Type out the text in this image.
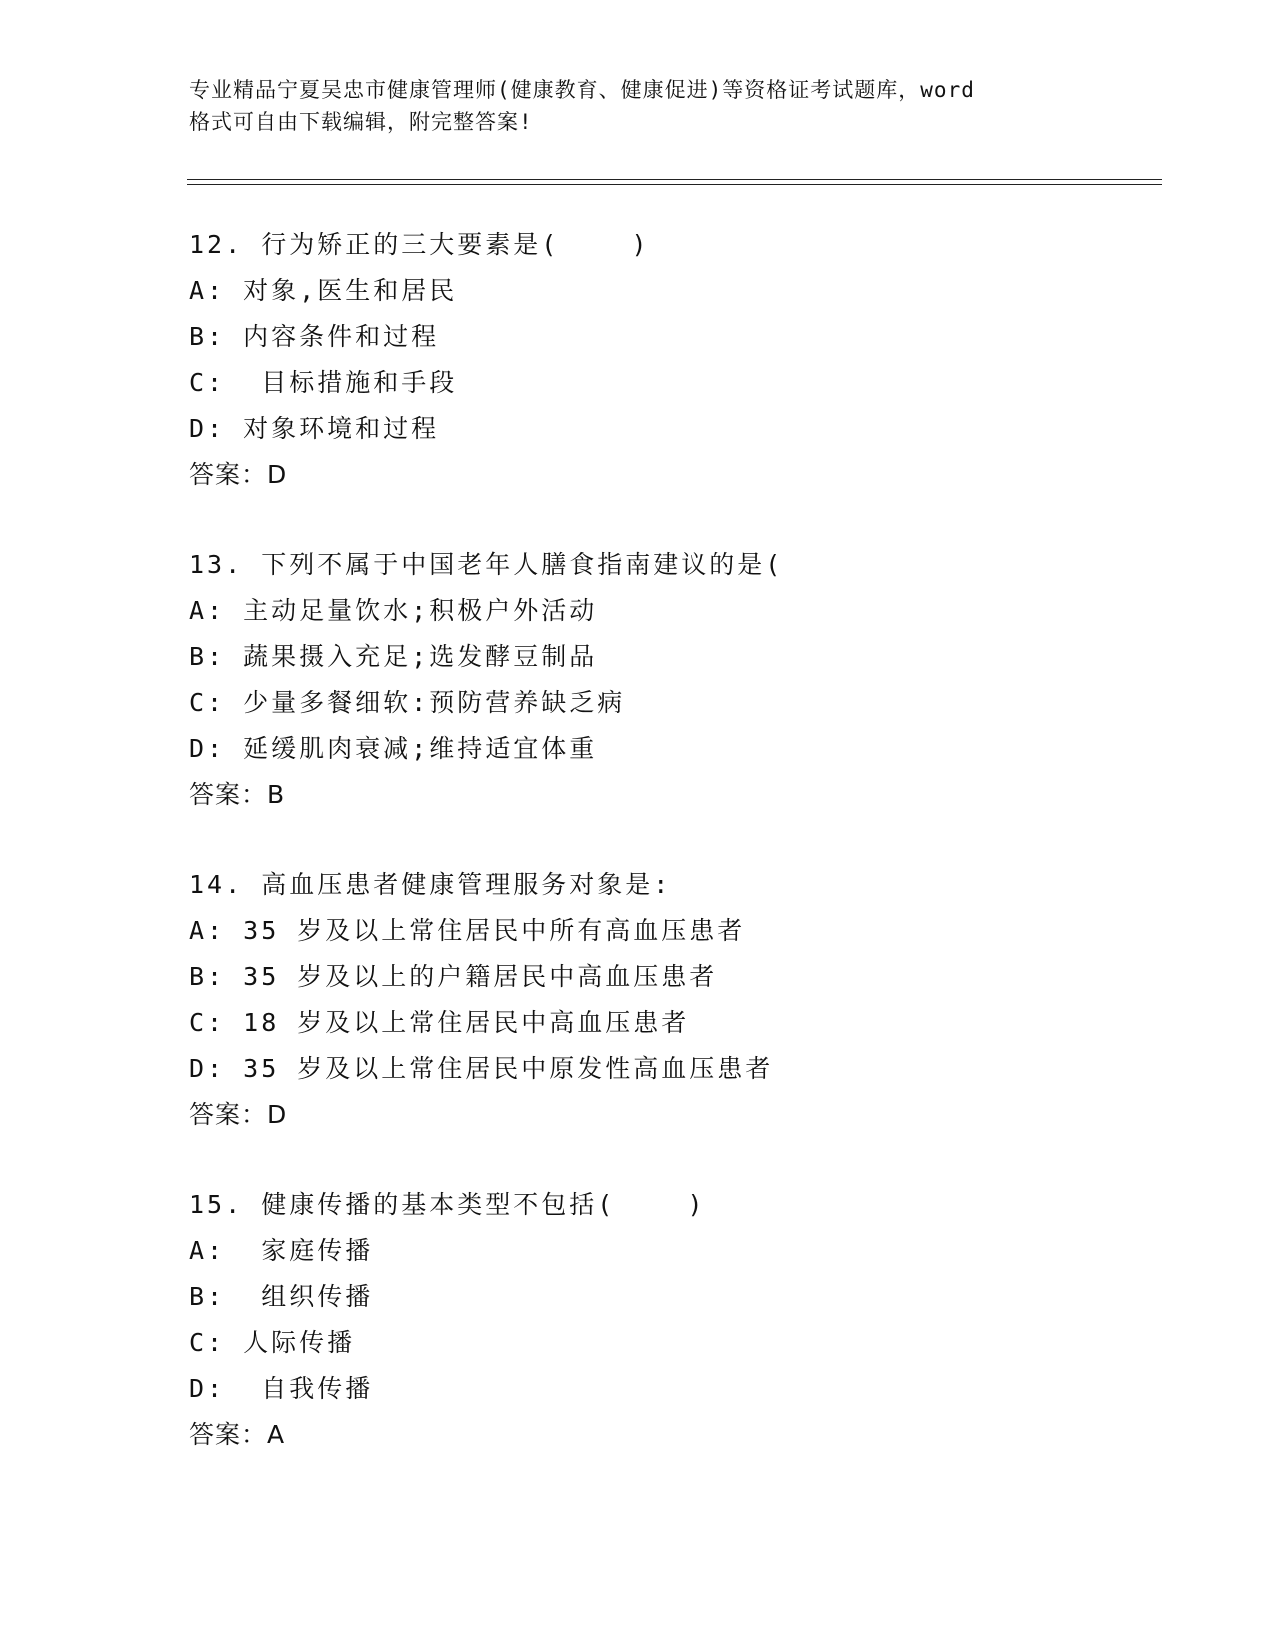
专业精品宁夏吴忠市健康管理师(健康教育、健康促进)等资格证考试题库，word
格式可自由下载编辑，附完整答案!
12. 行为矫正的三大要素是(    )
A: 对象,医生和居民
B: 内容条件和过程
C:  目标措施和手段
D: 对象环境和过程
答案：D
13. 下列不属于中国老年人膳食指南建议的是(
A: 主动足量饮水;积极户外活动
B: 蔬果摄入充足;选发酵豆制品
C: 少量多餐细软:预防营养缺乏病
D: 延缓肌肉衰减;维持适宜体重
答案：B
14. 高血压患者健康管理服务对象是:
A: 35 岁及以上常住居民中所有高血压患者
B: 35 岁及以上的户籍居民中高血压患者
C: 18 岁及以上常住居民中高血压患者
D: 35 岁及以上常住居民中原发性高血压患者
答案：D
15. 健康传播的基本类型不包括(    )
A:  家庭传播
B:  组织传播
C: 人际传播
D:  自我传播
答案：A
